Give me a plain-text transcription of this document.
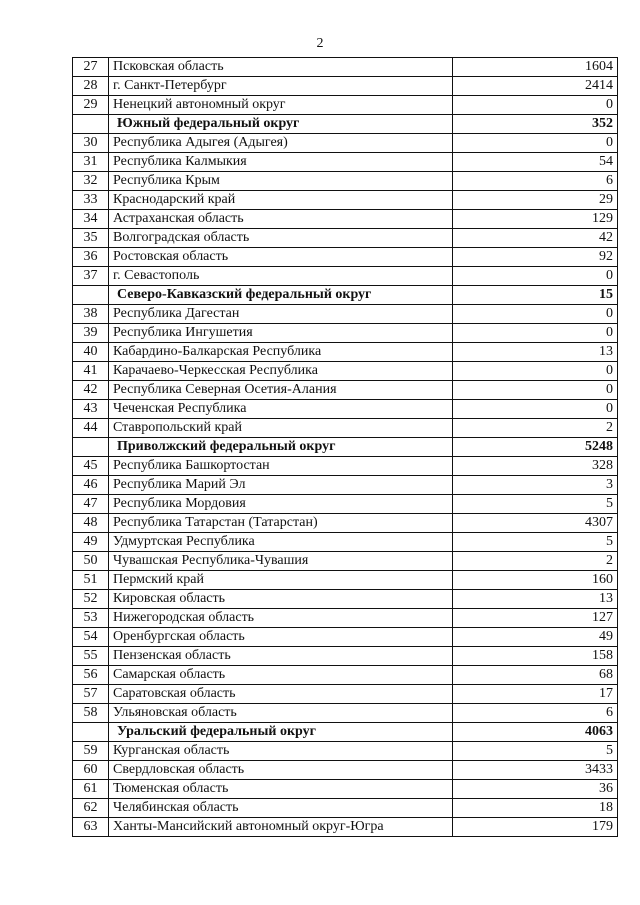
2
27	Псковская область	1604
28	г. Санкт-Петербург	2414
29	Ненецкий автономный округ	0
	Южный федеральный округ	352
30	Республика Адыгея (Адыгея)	0
31	Республика Калмыкия	54
32	Республика Крым	6
33	Краснодарский край	29
34	Астраханская область	129
35	Волгоградская область	42
36	Ростовская область	92
37	г. Севастополь	0
	Северо-Кавказский федеральный округ	15
38	Республика Дагестан	0
39	Республика Ингушетия	0
40	Кабардино-Балкарская Республика	13
41	Карачаево-Черкесская Республика	0
42	Республика Северная Осетия-Алания	0
43	Чеченская Республика	0
44	Ставропольский край	2
	Приволжский федеральный округ	5248
45	Республика Башкортостан	328
46	Республика Марий Эл	3
47	Республика Мордовия	5
48	Республика Татарстан (Татарстан)	4307
49	Удмуртская Республика	5
50	Чувашская Республика-Чувашия	2
51	Пермский край	160
52	Кировская область	13
53	Нижегородская область	127
54	Оренбургская область	49
55	Пензенская область	158
56	Самарская область	68
57	Саратовская область	17
58	Ульяновская область	6
	Уральский федеральный округ	4063
59	Курганская область	5
60	Свердловская область	3433
61	Тюменская область	36
62	Челябинская область	18
63	Ханты-Мансийский автономный округ-Югра	179
